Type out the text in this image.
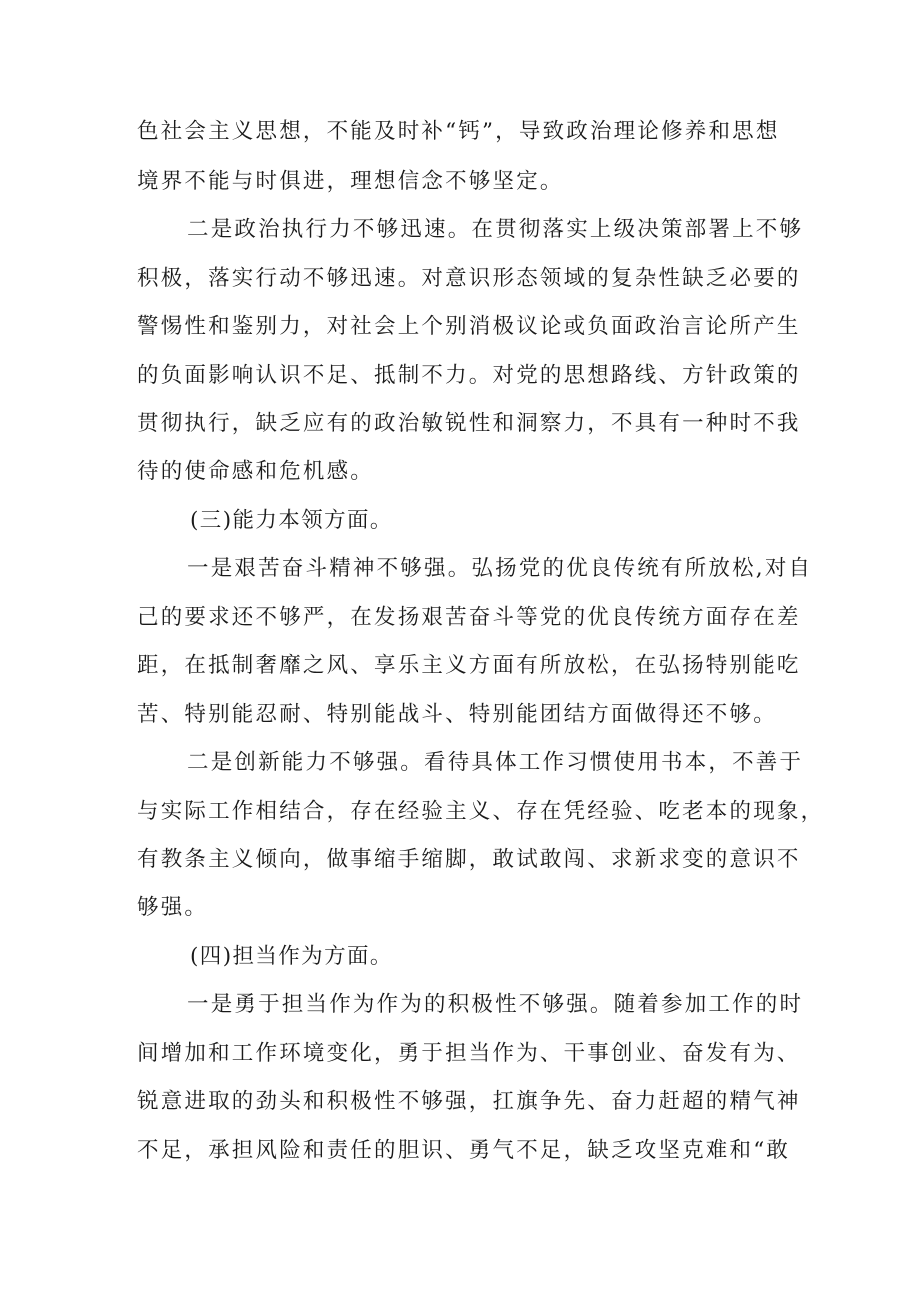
色社会主义思想，不能及时补“钙”，导致政治理论修养和思想
境界不能与时俱进，理想信念不够坚定。
二是政治执行力不够迅速。在贯彻落实上级决策部署上不够
积极，落实行动不够迅速。对意识形态领域的复杂性缺乏必要的
警惕性和鉴别力，对社会上个别消极议论或负面政治言论所产生
的负面影响认识不足、抵制不力。对党的思想路线、方针政策的
贯彻执行，缺乏应有的政治敏锐性和洞察力，不具有一种时不我
待的使命感和危机感。
(三)能力本领方面。
一是艰苦奋斗精神不够强。弘扬党的优良传统有所放松,对自
己的要求还不够严，在发扬艰苦奋斗等党的优良传统方面存在差
距，在抵制奢靡之风、享乐主义方面有所放松，在弘扬特别能吃
苦、特别能忍耐、特别能战斗、特别能团结方面做得还不够。
二是创新能力不够强。看待具体工作习惯使用书本，不善于
与实际工作相结合，存在经验主义、存在凭经验、吃老本的现象，
有教条主义倾向，做事缩手缩脚，敢试敢闯、求新求变的意识不
够强。
(四)担当作为方面。
一是勇于担当作为作为的积极性不够强。随着参加工作的时
间增加和工作环境变化，勇于担当作为、干事创业、奋发有为、
锐意进取的劲头和积极性不够强，扛旗争先、奋力赶超的精气神
不足，承担风险和责任的胆识、勇气不足，缺乏攻坚克难和“敢
